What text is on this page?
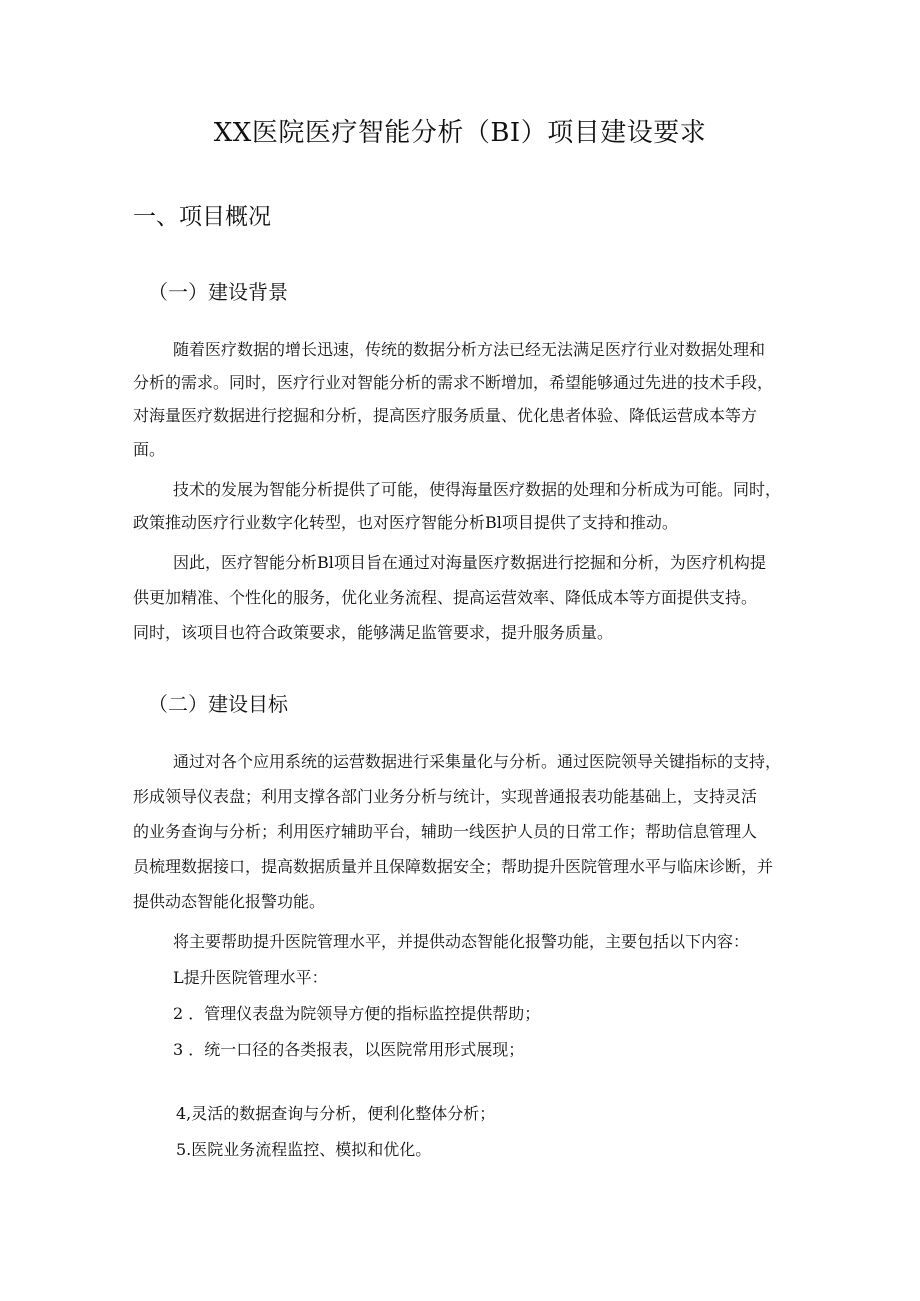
XX医院医疗智能分析（BI）项目建设要求
一、项目概况
（一）建设背景
随着医疗数据的增长迅速，传统的数据分析方法已经无法满足医疗行业对数据处理和
分析的需求。同时，医疗行业对智能分析的需求不断增加，希望能够通过先进的技术手段，
对海量医疗数据进行挖掘和分析，提高医疗服务质量、优化患者体验、降低运营成本等方
面。
技术的发展为智能分析提供了可能，使得海量医疗数据的处理和分析成为可能。同时，
政策推动医疗行业数字化转型，也对医疗智能分析Bl项目提供了支持和推动。
因此，医疗智能分析Bl项目旨在通过对海量医疗数据进行挖掘和分析，为医疗机构提
供更加精准、个性化的服务，优化业务流程、提高运营效率、降低成本等方面提供支持。
同时，该项目也符合政策要求，能够满足监管要求，提升服务质量。
（二）建设目标
通过对各个应用系统的运营数据进行采集量化与分析。通过医院领导关键指标的支持，
形成领导仪表盘；利用支撑各部门业务分析与统计，实现普通报表功能基础上，支持灵活
的业务查询与分析；利用医疗辅助平台，辅助一线医护人员的日常工作；帮助信息管理人
员梳理数据接口，提高数据质量并且保障数据安全；帮助提升医院管理水平与临床诊断，并
提供动态智能化报警功能。
将主要帮助提升医院管理水平，并提供动态智能化报警功能，主要包括以下内容：
L提升医院管理水平：
2 ．管理仪表盘为院领导方便的指标监控提供帮助；
3 ．统一口径的各类报表，以医院常用形式展现；
4,灵活的数据查询与分析，便利化整体分析；
5.医院业务流程监控、模拟和优化。
